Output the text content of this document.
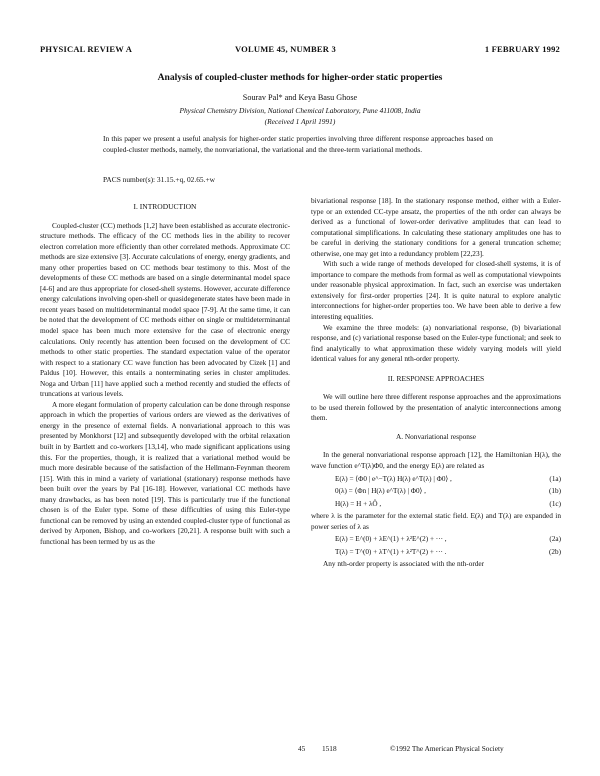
PHYSICAL REVIEW A	VOLUME 45, NUMBER 3	1 FEBRUARY 1992
Analysis of coupled-cluster methods for higher-order static properties
Sourav Pal* and Keya Basu Ghose
Physical Chemistry Division, National Chemical Laboratory, Pune 411008, India
(Received 1 April 1991)
In this paper we present a useful analysis for higher-order static properties involving three different response approaches based on coupled-cluster methods, namely, the nonvariational, the variational and the three-term variational methods.
PACS number(s): 31.15.+q, 02.65.+w
I. INTRODUCTION

Coupled-cluster (CC) methods [1,2] have been established as accurate electronic-structure methods. The efficacy of the CC methods lies in the ability to recover electron correlation more efficiently than other correlated methods. Approximate CC methods are size extensive [3]. Accurate calculations of energy, energy gradients, and many other properties based on CC methods bear testimony to this. Most of the developments of these CC methods are based on a single determinantal model space [4-6] and are thus appropriate for closed-shell systems. However, accurate difference energy calculations involving open-shell or quasidegenerate states have been made in recent years based on multideterminantal model space [7-9]. At the same time, it can be noted that the development of CC methods either on single or multideterminantal model space has been much more extensive for the case of electronic energy calculations. Only recently has attention been focused on the development of CC methods to other static properties. The standard expectation value of the operator with respect to a stationary CC wave function has been advocated by Cizek [1] and Paldus [10]. However, this entails a nonterminating series in cluster amplitudes. Noga and Urban [11] have applied such a method recently and studied the effects of truncations at various levels.

A more elegant formulation of property calculation can be done through response approach in which the properties of various orders are viewed as the derivatives of energy in the presence of external fields. A nonvariational approach to this was presented by Monkhorst [12] and subsequently developed with the orbital relaxation built in by Bartlett and co-workers [13,14], who made significant applications using this. For the properties, though, it is realized that a variational method would be much more desirable because of the satisfaction of the Hellmann-Feynman theorem [15]. With this in mind a variety of variational (stationary) response methods have been built over the years by Pal [16-18]. However, variational CC methods have many drawbacks, as has been noted [19]. This is particularly true if the functional chosen is of the Euler type. Some of these difficulties of using this Euler-type functional can be removed by using an extended coupled-cluster type of functional as derived by Arponen, Bishop, and co-workers [20,21]. A response built with such a functional has been termed by us as the

bivariational response [18]. In the stationary response method, either with a Euler-type or an extended CC-type ansatz, the properties of the nth order can always be derived as a functional of lower-order derivative amplitudes that can lead to computational simplifications. In calculating these stationary amplitudes one has to be careful in deriving the stationary conditions for a general truncation scheme; otherwise, one may get into a redundancy problem [22,23].

With such a wide range of methods developed for closed-shell systems, it is of importance to compare the methods from formal as well as computational viewpoints under reasonable physical approximation. In fact, such an exercise was undertaken extensively for first-order properties [24]. It is quite natural to explore analytic interconnections for higher-order properties too. We have been able to derive a few interesting equalities.

We examine the three models: (a) nonvariational response, (b) bivariational response, and (c) variational response based on the Euler-type functional; and seek to find analytically to what approximation these widely varying models will yield identical values for any general nth-order property.

II. RESPONSE APPROACHES

We will outline here three different response approaches and the approximations to be used therein followed by the presentation of analytic interconnections among them.

A. Nonvariational response

In the general nonvariational response approach [12], the Hamiltonian H(λ), the wave function e^T(λ)Φ0, and the energy E(λ) are related as

E(λ) = ⟨Φ0 | e^−T(λ) H(λ) e^T(λ) | Φ0⟩ ,	(1a)
0(λ) = ⟨Φn | H(λ) e^T(λ) | Φ0⟩ ,	(1b)
H(λ) = H + λÔ ,	(1c)

where λ is the parameter for the external static field. E(λ) and T(λ) are expanded in power series of λ as

E(λ) = E^(0) + λE^(1) + λ²E^(2) + ··· ,	(2a)
T(λ) = T^(0) + λT^(1) + λ²T^(2) + ··· .	(2b)

Any nth-order property is associated with the nth-order

45 1518	©1992 The American Physical Society
